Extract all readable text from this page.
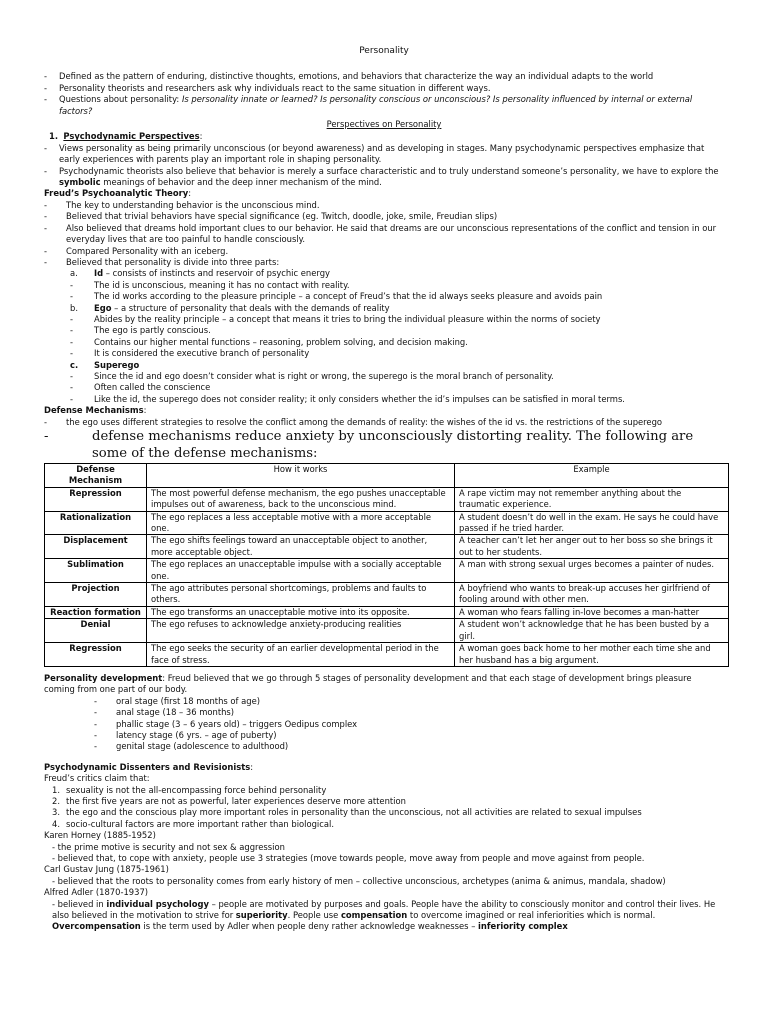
Personality
- Defined as the pattern of enduring, distinctive thoughts, emotions, and behaviors that characterize the way an individual adapts to the world
- Personality theorists and researchers ask why individuals react to the same situation in different ways.
- Questions about personality: Is personality innate or learned? Is personality conscious or unconscious? Is personality influenced by internal or external factors?
Perspectives on Personality
1. Psychodynamic Perspectives:
- Views personality as being primarily unconscious (or beyond awareness) and as developing in stages. Many psychodynamic perspectives emphasize that early experiences with parents play an important role in shaping personality.
- Psychodynamic theorists also believe that behavior is merely a surface characteristic and to truly understand someone’s personality, we have to explore the symbolic meanings of behavior and the deep inner mechanism of the mind.
Freud’s Psychoanalytic Theory:
- The key to understanding behavior is the unconscious mind.
- Believed that trivial behaviors have special significance (eg. Twitch, doodle, joke, smile, Freudian slips)
- Also believed that dreams hold important clues to our behavior. He said that dreams are our unconscious representations of the conflict and tension in our everyday lives that are too painful to handle consciously.
- Compared Personality with an iceberg.
- Believed that personality is divide into three parts:
a. Id – consists of instincts and reservoir of psychic energy
- The id is unconscious, meaning it has no contact with reality.
- The id works according to the pleasure principle – a concept of Freud’s that the id always seeks pleasure and avoids pain
b. Ego – a structure of personality that deals with the demands of reality
- Abides by the reality principle – a concept that means it tries to bring the individual pleasure within the norms of society
- The ego is partly conscious.
- Contains our higher mental functions – reasoning, problem solving, and decision making.
- It is considered the executive branch of personality
c. Superego
- Since the id and ego doesn’t consider what is right or wrong, the superego is the moral branch of personality.
- Often called the conscience
- Like the id, the superego does not consider reality; it only considers whether the id’s impulses can be satisfied in moral terms.
Defense Mechanisms:
- the ego uses different strategies to resolve the conflict among the demands of reality: the wishes of the id vs. the restrictions of the superego
-	defense mechanisms reduce anxiety by unconsciously distorting reality. The following are some of the defense mechanisms:
Defense Mechanism	How it works	Example
Repression	The most powerful defense mechanism, the ego pushes unacceptable impulses out of awareness, back to the unconscious mind.	A rape victim may not remember anything about the traumatic experience.
Rationalization	The ego replaces a less acceptable motive with a more acceptable one.	A student doesn’t do well in the exam. He says he could have passed if he tried harder.
Displacement	The ego shifts feelings toward an unacceptable object to another, more acceptable object.	A teacher can’t let her anger out to her boss so she brings it out to her students.
Sublimation	The ego replaces an unacceptable impulse with a socially acceptable one.	A man with strong sexual urges becomes a painter of nudes.
Projection	The ago attributes personal shortcomings, problems and faults to others.	A boyfriend who wants to break-up accuses her girlfriend of fooling around with other men.
Reaction formation	The ego transforms an unacceptable motive into its opposite.	A woman who fears falling in-love becomes a man-hatter
Denial	The ego refuses to acknowledge anxiety-producing realities	A student won’t acknowledge that he has been busted by a girl.
Regression	The ego seeks the security of an earlier developmental period in the face of stress.	A woman goes back home to her mother each time she and her husband has a big argument.
Personality development: Freud believed that we go through 5 stages of personality development and that each stage of development brings pleasure coming from one part of our body.
- oral stage (first 18 months of age)
- anal stage (18 – 36 months)
- phallic stage (3 – 6 years old) – triggers Oedipus complex
- latency stage (6 yrs. – age of puberty)
- genital stage (adolescence to adulthood)
Psychodynamic Dissenters and Revisionists:
Freud’s critics claim that:
1. sexuality is not the all-encompassing force behind personality
2. the first five years are not as powerful, later experiences deserve more attention
3. the ego and the conscious play more important roles in personality than the unconscious, not all activities are related to sexual impulses
4. socio-cultural factors are more important rather than biological.
Karen Horney (1885-1952)
- the prime motive is security and not sex & aggression
- believed that, to cope with anxiety, people use 3 strategies (move towards people, move away from people and move against from people.
Carl Gustav Jung (1875-1961)
- believed that the roots to personality comes from early history of men – collective unconscious, archetypes (anima & animus, mandala, shadow)
Alfred Adler (1870-1937)
- believed in individual psychology – people are motivated by purposes and goals. People have the ability to consciously monitor and control their lives. He also believed in the motivation to strive for superiority. People use compensation to overcome imagined or real inferiorities which is normal. Overcompensation is the term used by Adler when people deny rather acknowledge weaknesses – inferiority complex
